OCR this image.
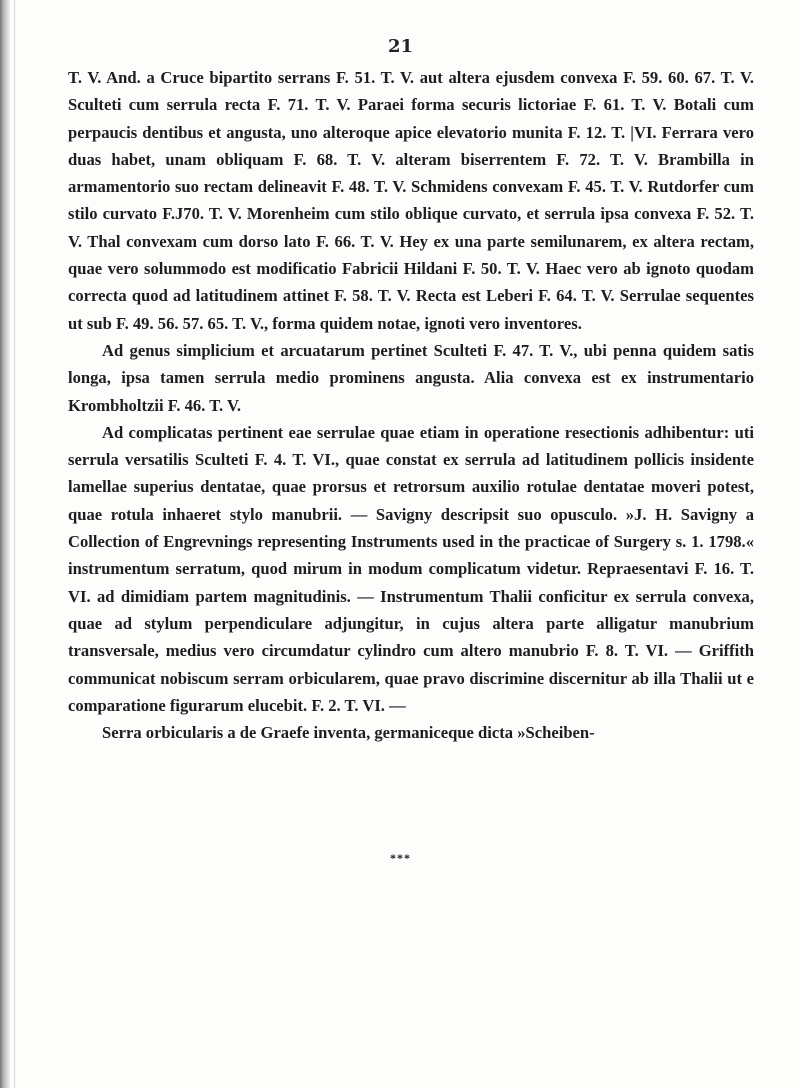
21

T. V. And. a Cruce bipartito serrans F. 51. T. V. aut altera ejusdem convexa F. 59. 60. 67. T. V. Sculteti cum serrula recta F. 71. T. V. Paraei forma securis lictoriae F. 61. T. V. Botali cum perpaucis dentibus et angusta, uno alteroque apice elevatorio munita F. 12. T. |VI. Ferrara vero duas habet, unam obliquam F. 68. T. V. alteram biserrentem F. 72. T. V. Brambilla in armamentorio suo rectam delineavit F. 48. T. V. Schmidens convexam F. 45. T. V. Rutdorfer cum stilo curvato F.J70. T. V. Morenheim cum stilo oblique curvato, et serrula ipsa convexa F. 52. T. V. Thal convexam cum dorso lato F. 66. T. V. Hey ex una parte semilunarem, ex altera rectam, quae vero solummodo est modificatio Fabricii Hildani F. 50. T. V. Haec vero ab ignoto quodam correcta quod ad latitudinem attinet F. 58. T. V. Recta est Leberi F. 64. T. V. Serrulae sequentes ut sub F. 49. 56. 57. 65. T. V., forma quidem notae, ignoti vero inventores.

Ad genus simplicium et arcuatarum pertinet Sculteti F. 47. T. V., ubi penna quidem satis longa, ipsa tamen serrula medio prominens angusta. Alia convexa est ex instrumentario Krombholtzii F. 46. T. V.

Ad complicatas pertinent eae serrulae quae etiam in operatione resectionis adhibentur: uti serrula versatilis Sculteti F. 4. T. VI., quae constat ex serrula ad latitudinem pollicis insidente lamellae superius dentatae, quae prorsus et retrorsum auxilio rotulae dentatae moveri potest, quae rotula inhaeret stylo manubrii. — Savigny descripsit suo opusculo. »J. H. Savigny a Collection of Engrevnings representing Instruments used in the practicae of Surgery s. 1. 1798.« instrumentum serratum, quod mirum in modum complicatum videtur. Repraesentavi F. 16. T. VI. ad dimidiam partem magnitudinis. — Instrumentum Thalii conficitur ex serrula convexa, quae ad stylum perpendiculare adjungitur, in cujus altera parte alligatur manubrium transversale, medius vero circumdatur cylindro cum altero manubrio F. 8. T. VI. — Griffith communicat nobiscum serram orbicularem, quae pravo discrimine discernitur ab illa Thalii ut e comparatione figurarum elucebit. F. 2. T. VI. —

Serra orbicularis a de Graefe inventa, germaniceque dicta »Scheiben-

***
